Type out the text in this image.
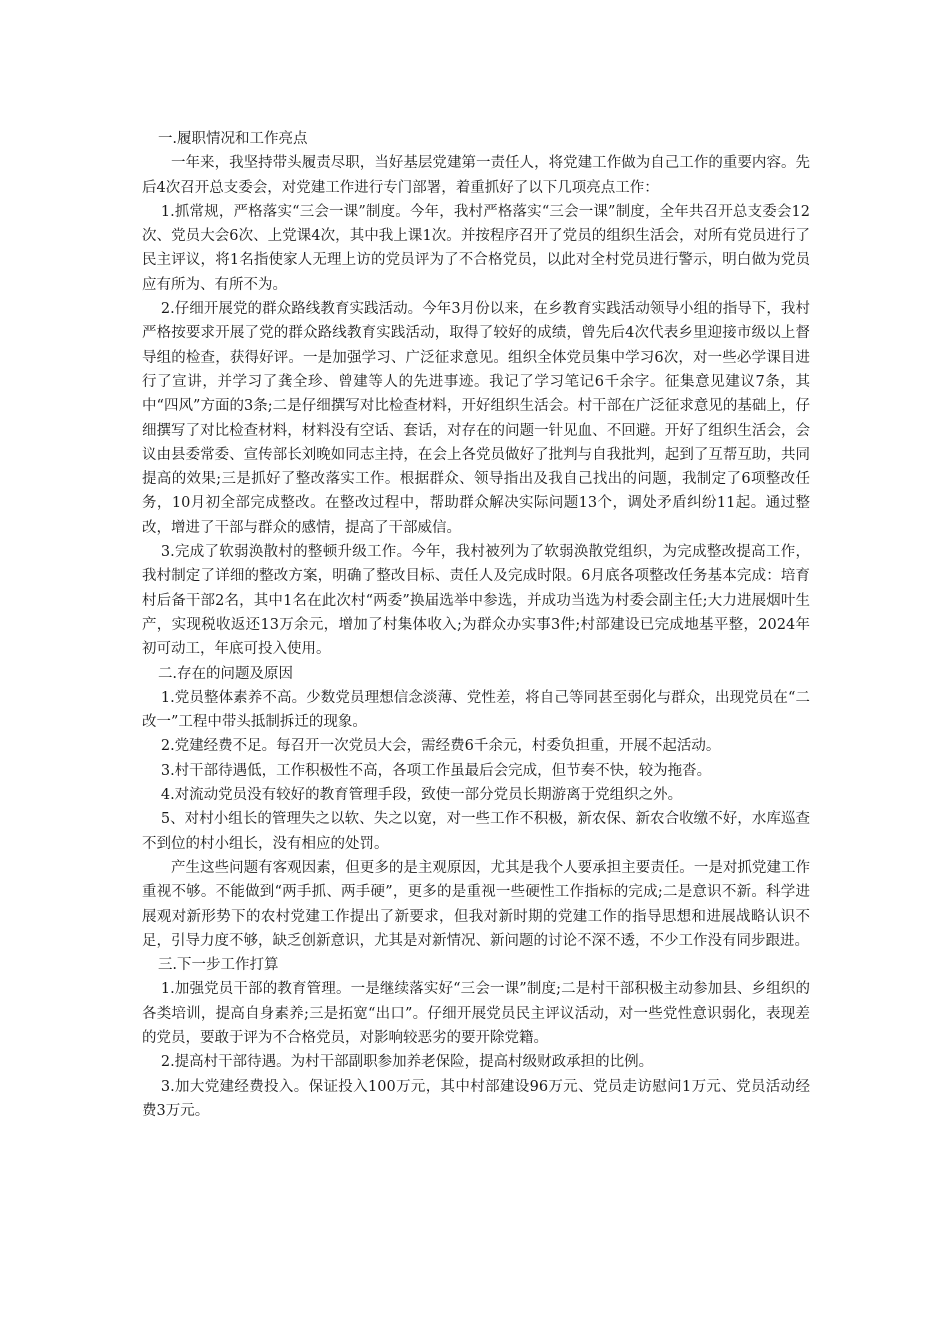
一.履职情况和工作亮点

一年来，我坚持带头履责尽职，当好基层党建第一责任人，将党建工作做为自己工作的重要内容。先后4次召开总支委会，对党建工作进行专门部署，着重抓好了以下几项亮点工作：

1.抓常规，严格落实“三会一课”制度。今年，我村严格落实“三会一课”制度，全年共召开总支委会12次、党员大会6次、上党课4次，其中我上课1次。并按程序召开了党员的组织生活会，对所有党员进行了民主评议，将1名指使家人无理上访的党员评为了不合格党员，以此对全村党员进行警示，明白做为党员应有所为、有所不为。

2.仔细开展党的群众路线教育实践活动。今年3月份以来，在乡教育实践活动领导小组的指导下，我村严格按要求开展了党的群众路线教育实践活动，取得了较好的成绩，曾先后4次代表乡里迎接市级以上督导组的检查，获得好评。一是加强学习、广泛征求意见。组织全体党员集中学习6次，对一些必学课目进行了宣讲，并学习了龚全珍、曾建等人的先进事迹。我记了学习笔记6千余字。征集意见建议7条，其中“四风”方面的3条;二是仔细撰写对比检查材料，开好组织生活会。村干部在广泛征求意见的基础上，仔细撰写了对比检查材料，材料没有空话、套话，对存在的问题一针见血、不回避。开好了组织生活会，会议由县委常委、宣传部长刘晚如同志主持，在会上各党员做好了批判与自我批判，起到了互帮互助，共同提高的效果;三是抓好了整改落实工作。根据群众、领导指出及我自己找出的问题，我制定了6项整改任务，10月初全部完成整改。在整改过程中，帮助群众解决实际问题13个，调处矛盾纠纷11起。通过整改，增进了干部与群众的感情，提高了干部威信。

3.完成了软弱涣散村的整顿升级工作。今年，我村被列为了软弱涣散党组织，为完成整改提高工作，我村制定了详细的整改方案，明确了整改目标、责任人及完成时限。6月底各项整改任务基本完成：培育村后备干部2名，其中1名在此次村“两委”换届选举中参选，并成功当选为村委会副主任;大力进展烟叶生产，实现税收返还13万余元，增加了村集体收入;为群众办实事3件;村部建设已完成地基平整，2024年初可动工，年底可投入使用。

二.存在的问题及原因

1.党员整体素养不高。少数党员理想信念淡薄、党性差，将自己等同甚至弱化与群众，出现党员在“二改一”工程中带头抵制拆迁的现象。

2.党建经费不足。每召开一次党员大会，需经费6千余元，村委负担重，开展不起活动。

3.村干部待遇低，工作积极性不高，各项工作虽最后会完成，但节奏不快，较为拖沓。

4.对流动党员没有较好的教育管理手段，致使一部分党员长期游离于党组织之外。

5、对村小组长的管理失之以软、失之以宽，对一些工作不积极，新农保、新农合收缴不好，水库巡查不到位的村小组长，没有相应的处罚。

产生这些问题有客观因素，但更多的是主观原因，尤其是我个人要承担主要责任。一是对抓党建工作重视不够。不能做到“两手抓、两手硬”，更多的是重视一些硬性工作指标的完成;二是意识不新。科学进展观对新形势下的农村党建工作提出了新要求，但我对新时期的党建工作的指导思想和进展战略认识不足，引导力度不够，缺乏创新意识，尤其是对新情况、新问题的讨论不深不透，不少工作没有同步跟进。

三.下一步工作打算

1.加强党员干部的教育管理。一是继续落实好“三会一课”制度;二是村干部积极主动参加县、乡组织的各类培训，提高自身素养;三是拓宽“出口”。仔细开展党员民主评议活动，对一些党性意识弱化，表现差的党员，要敢于评为不合格党员，对影响较恶劣的要开除党籍。

2.提高村干部待遇。为村干部副职参加养老保险，提高村级财政承担的比例。

3.加大党建经费投入。保证投入100万元，其中村部建设96万元、党员走访慰问1万元、党员活动经费3万元。
